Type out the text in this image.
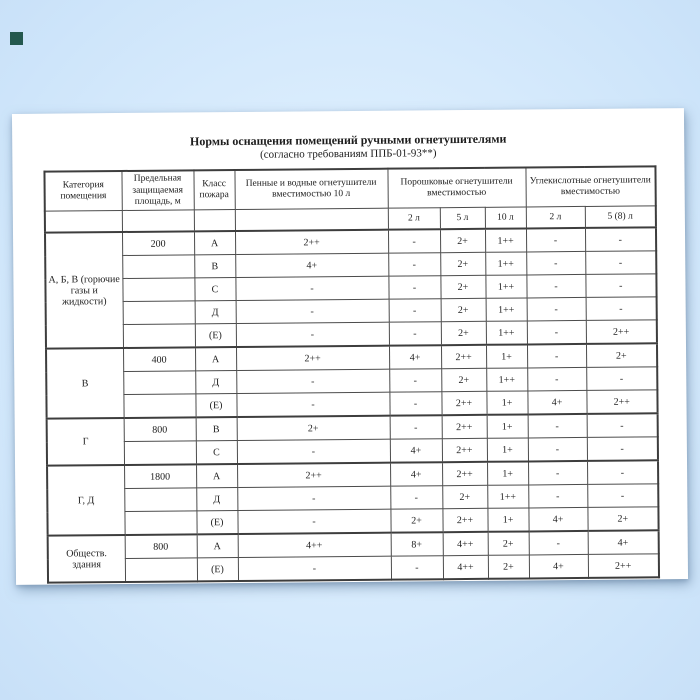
Нормы оснащения помещений ручными огнетушителями
(согласно требованиям ППБ-01-93**)
Категория помещения	Предельная защищаемая площадь, м	Класс пожара	Пенные и водные огнетушители вместимостью 10 л	Порошковые огнетушители вместимостью			Углекислотные огнетушители вместимостью	
				2 л	5 л	10 л	2 л	5 (8) л
А, Б, В (горючие газы и жидкости)	200	А	2++	-	2+	1++	-	-
		В	4+	-	2+	1++	-	-
		С	-	-	2+	1++	-	-
		Д	-	-	2+	1++	-	-
		(Е)	-	-	2+	1++	-	2++
В	400	А	2++	4+	2++	1+	-	2+
		Д	-	-	2+	1++	-	-
		(Е)	-	-	2++	1+	4+	2++
Г	800	В	2+	-	2++	1+	-	-
		С	-	4+	2++	1+	-	-
Г, Д	1800	А	2++	4+	2++	1+	-	-
		Д	-	-	2+	1++	-	-
		(Е)	-	2+	2++	1+	4+	2+
Обществ. здания	800	А	4++	8+	4++	2+	-	4+
		(Е)	-	-	4++	2+	4+	2++
